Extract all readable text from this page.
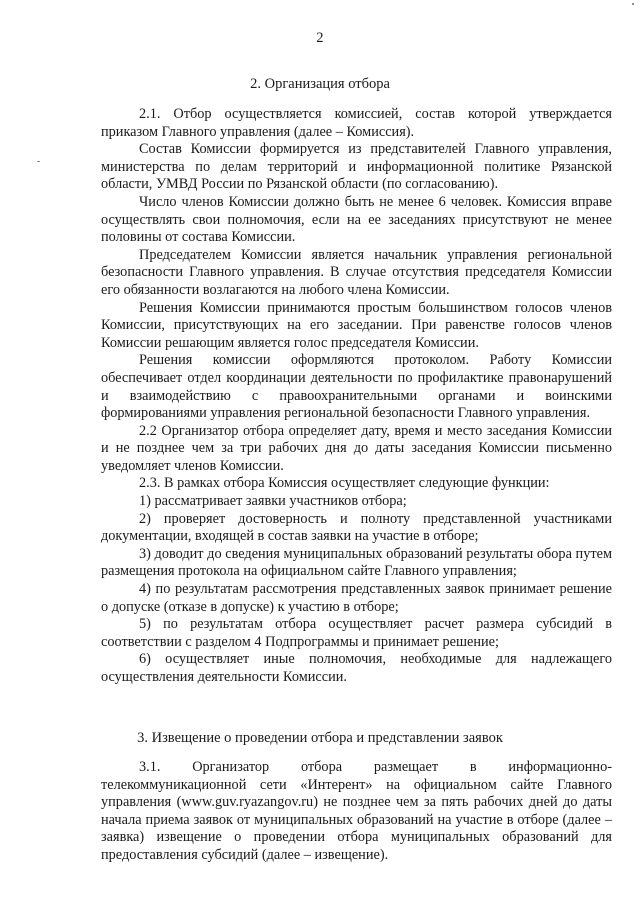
2
2. Организация отбора

2.1. Отбор осуществляется комиссией, состав которой утверждается приказом Главного управления (далее – Комиссия).

Состав Комиссии формируется из представителей Главного управления, министерства по делам территорий и информационной политике Рязанской области, УМВД России по Рязанской области (по согласованию).

Число членов Комиссии должно быть не менее 6 человек. Комиссия вправе осуществлять свои полномочия, если на ее заседаниях присутствуют не менее половины от состава Комиссии.

Председателем Комиссии является начальник управления региональной безопасности Главного управления. В случае отсутствия председателя Комиссии его обязанности возлагаются на любого члена Комиссии.

Решения Комиссии принимаются простым большинством голосов членов Комиссии, присутствующих на его заседании. При равенстве голосов членов Комиссии решающим является голос председателя Комиссии.

Решения комиссии оформляются протоколом. Работу Комиссии обеспечивает отдел координации деятельности по профилактике правонарушений и взаимодействию с правоохранительными органами и воинскими формированиями управления региональной безопасности Главного управления.

2.2 Организатор отбора определяет дату, время и место заседания Комиссии и не позднее чем за три рабочих дня до даты заседания Комиссии письменно уведомляет членов Комиссии.

2.3. В рамках отбора Комиссия осуществляет следующие функции:

1) рассматривает заявки участников отбора;

2) проверяет достоверность и полноту представленной участниками документации, входящей в состав заявки на участие в отборе;

3) доводит до сведения муниципальных образований результаты обора путем размещения протокола на официальном сайте Главного управления;

4) по результатам рассмотрения представленных заявок принимает решение о допуске (отказе в допуске) к участию в отборе;

5) по результатам отбора осуществляет расчет размера субсидий в соответствии с разделом 4 Подпрограммы и принимает решение;

6) осуществляет иные полномочия, необходимые для надлежащего осуществления деятельности Комиссии.

3. Извещение о проведении отбора и представлении заявок

3.1. Организатор отбора размещает в информационно-телекоммуникационной сети «Интерент» на официальном сайте Главного управления (www.guv.ryazangov.ru) не позднее чем за пять рабочих дней до даты начала приема заявок от муниципальных образований на участие в отборе (далее – заявка) извещение о проведении отбора муниципальных образований для предоставления субсидий (далее – извещение).
